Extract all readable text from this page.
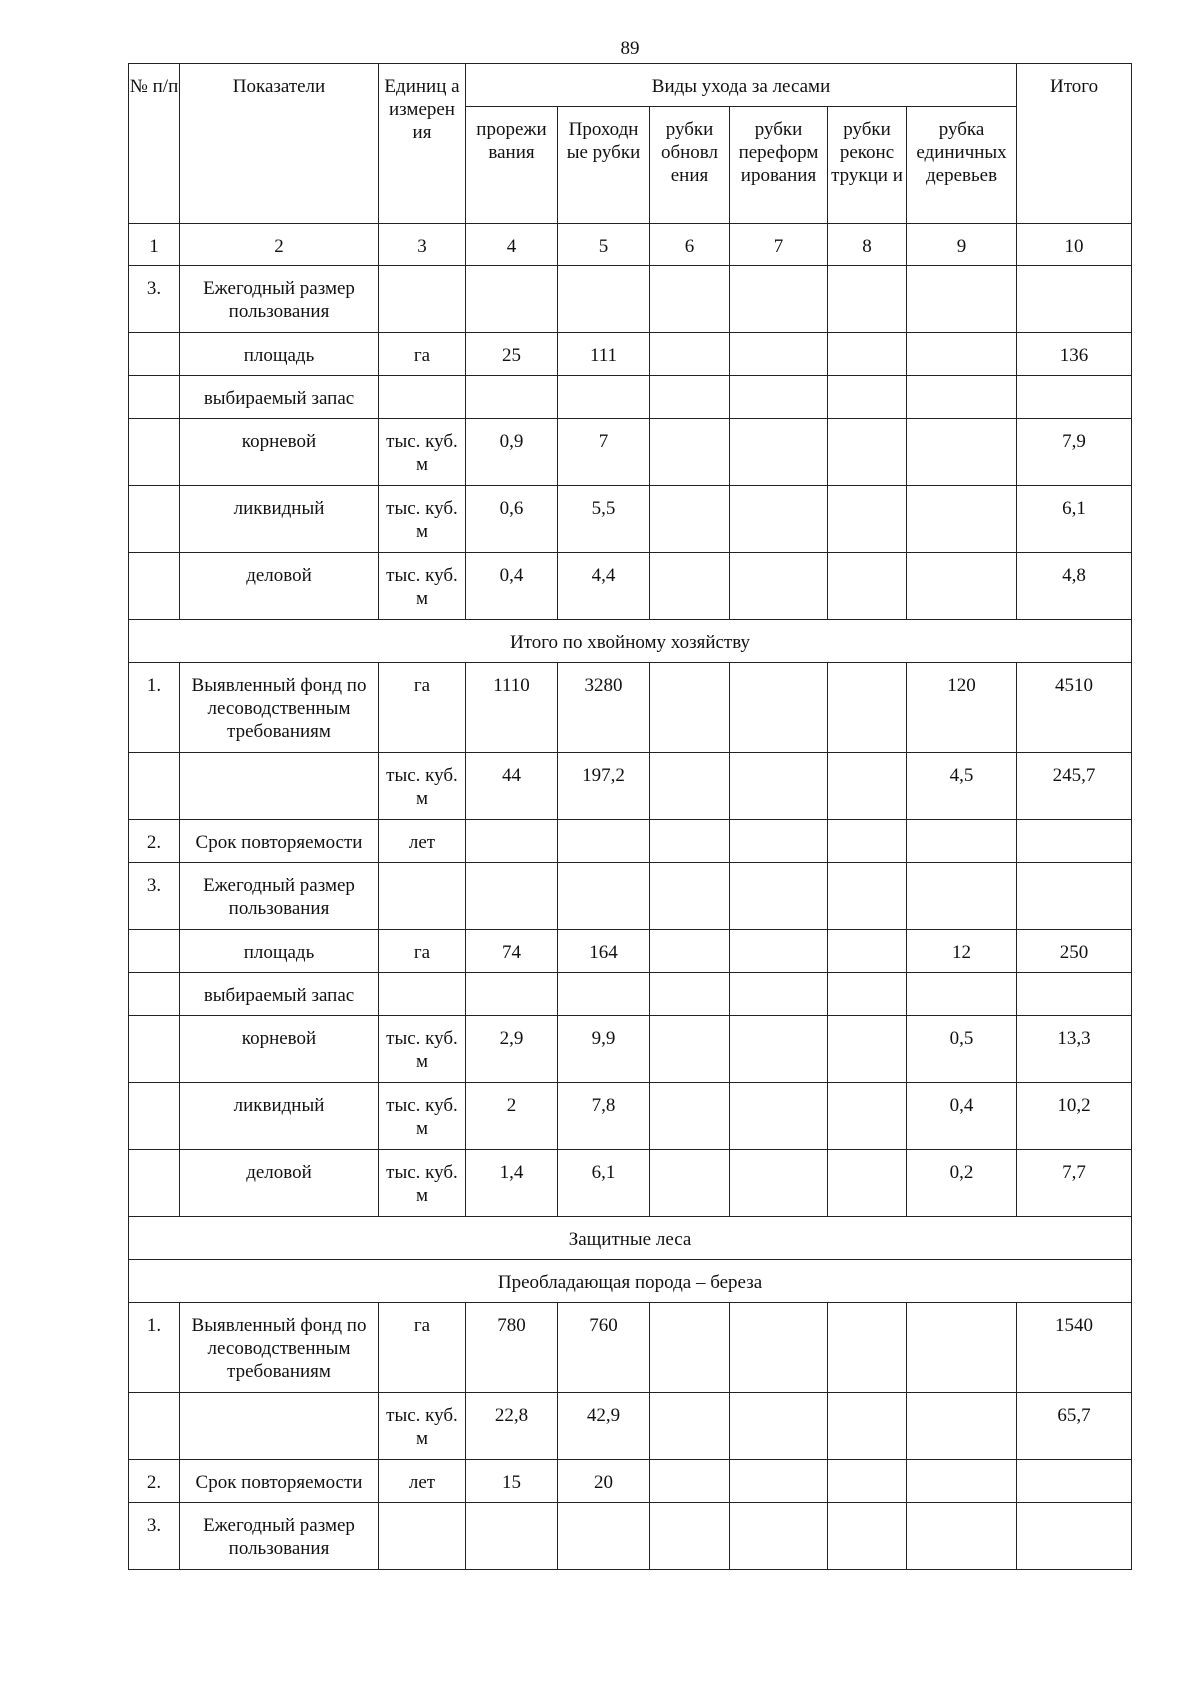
89
№ п/п	Показатели	Единиц а измерен ия	Виды ухода за лесами						Итого
			прорежи вания	Проходн ые рубки	рубки обновл ения	рубки переформ ирования	рубки реконс трукци и	рубка единичных деревьев	
1	2	3	4	5	6	7	8	9	10
3.	Ежегодный размер пользования								
	площадь	га	25	111					136
	выбираемый запас								
	корневой	тыс. куб. м	0,9	7					7,9
	ликвидный	тыс. куб. м	0,6	5,5					6,1
	деловой	тыс. куб. м	0,4	4,4					4,8
Итого по хвойному хозяйству									
1.	Выявленный фонд по лесоводственным требованиям	га	1110	3280				120	4510
		тыс. куб. м	44	197,2				4,5	245,7
2.	Срок повторяемости	лет							
3.	Ежегодный размер пользования								
	площадь	га	74	164				12	250
	выбираемый запас								
	корневой	тыс. куб. м	2,9	9,9				0,5	13,3
	ликвидный	тыс. куб. м	2	7,8				0,4	10,2
	деловой	тыс. куб. м	1,4	6,1				0,2	7,7
Защитные леса									
Преобладающая порода – береза									
1.	Выявленный фонд по лесоводственным требованиям	га	780	760					1540
		тыс. куб. м	22,8	42,9					65,7
2.	Срок повторяемости	лет	15	20					
3.	Ежегодный размер пользования								
